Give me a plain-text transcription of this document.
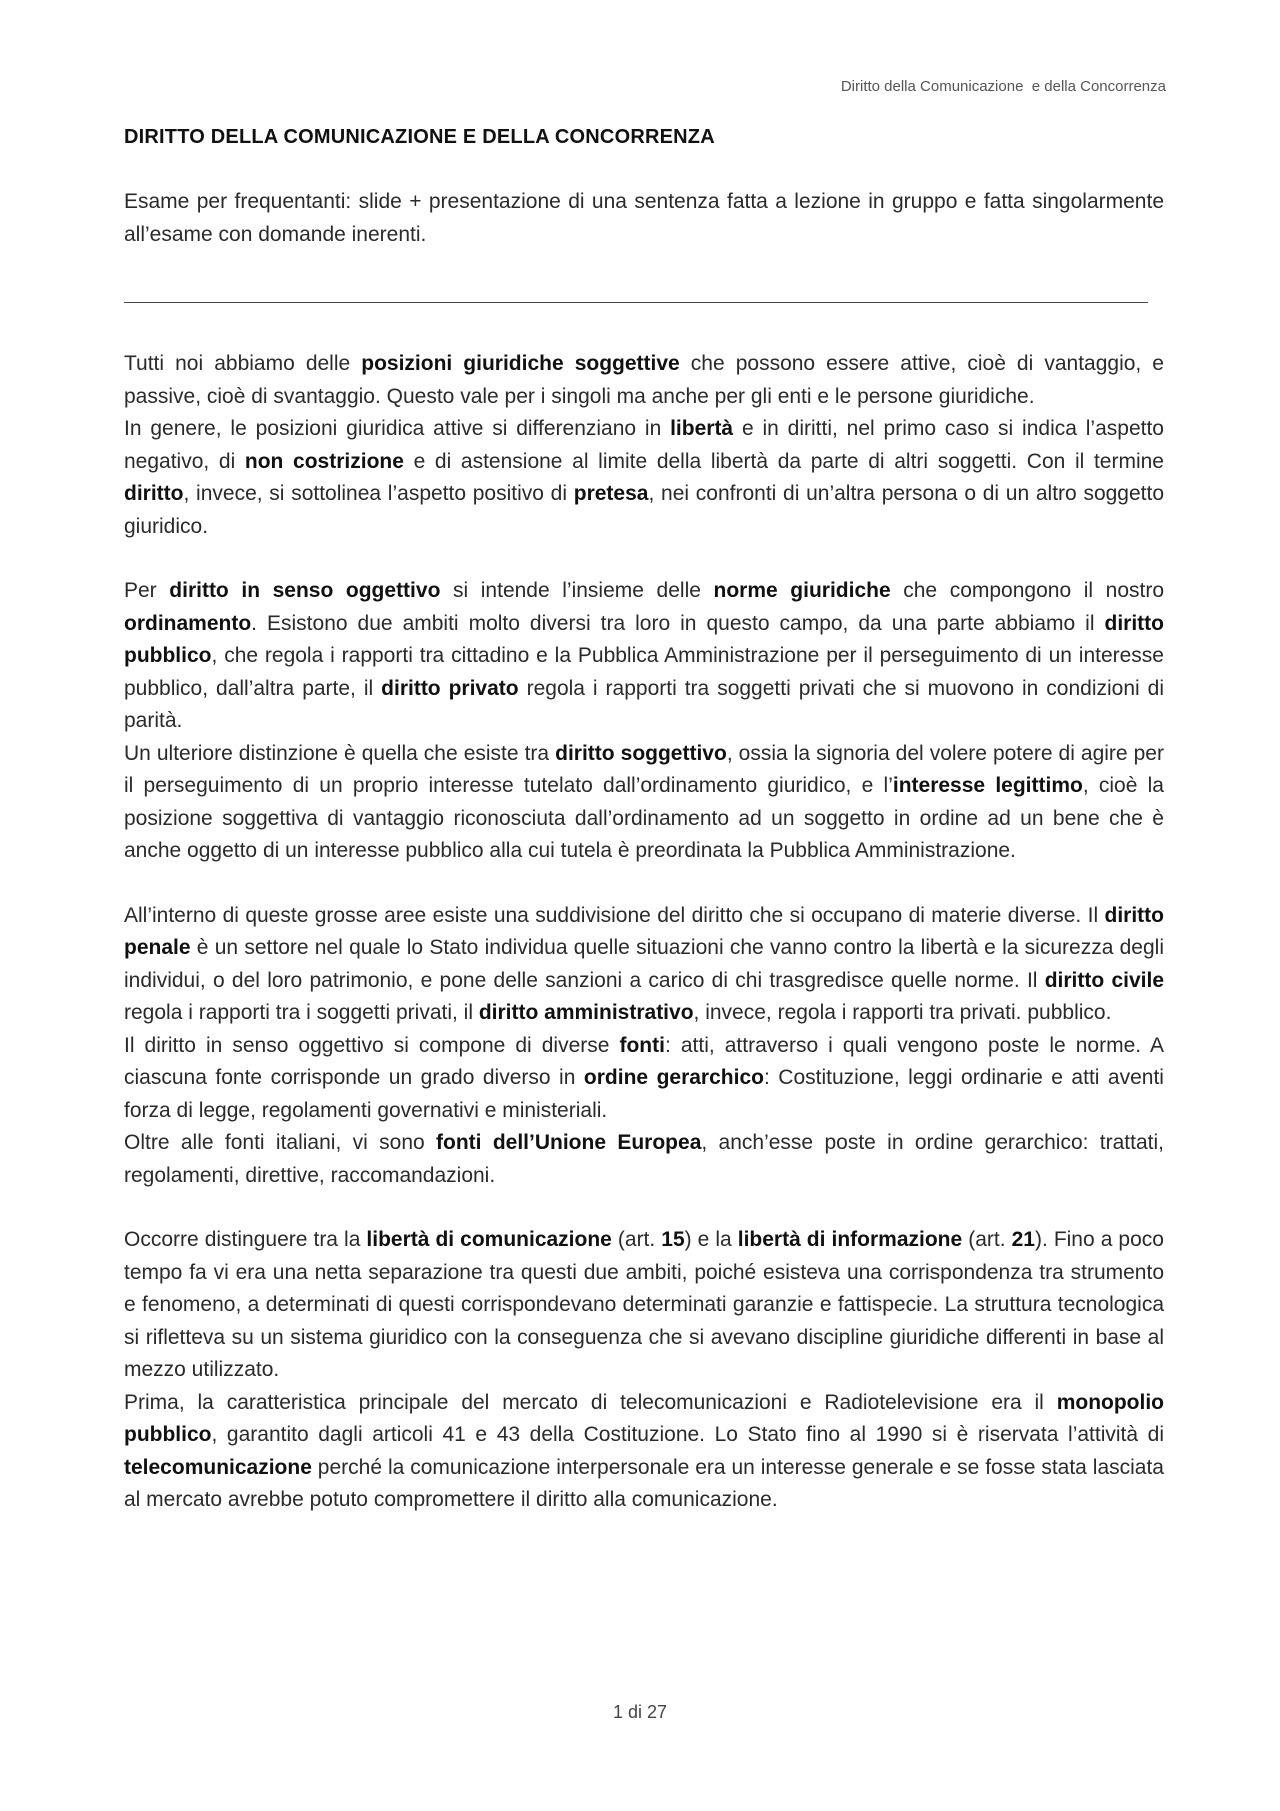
Diritto della Comunicazione  e della Concorrenza
DIRITTO DELLA COMUNICAZIONE E DELLA CONCORRENZA

Esame per frequentanti: slide + presentazione di una sentenza fatta a lezione in gruppo e fatta singolarmente all’esame con domande inerenti.

Tutti noi abbiamo delle posizioni giuridiche soggettive che possono essere attive, cioè di vantaggio, e passive, cioè di svantaggio. Questo vale per i singoli ma anche per gli enti e le persone giuridiche.

In genere, le posizioni giuridica attive si differenziano in libertà e in diritti, nel primo caso si indica l’aspetto negativo, di non costrizione e di astensione al limite della libertà da parte di altri soggetti. Con il termine diritto, invece, si sottolinea l’aspetto positivo di pretesa, nei confronti di un’altra persona o di un altro soggetto giuridico.

Per diritto in senso oggettivo si intende l’insieme delle norme giuridiche che compongono il nostro ordinamento. Esistono due ambiti molto diversi tra loro in questo campo, da una parte abbiamo il diritto pubblico, che regola i rapporti tra cittadino e la Pubblica Amministrazione per il perseguimento di un interesse pubblico, dall’altra parte, il diritto privato regola i rapporti tra soggetti privati che si muovono in condizioni di parità.

Un ulteriore distinzione è quella che esiste tra diritto soggettivo, ossia la signoria del volere potere di agire per il perseguimento di un proprio interesse tutelato dall’ordinamento giuridico, e l’interesse legittimo, cioè la posizione soggettiva di vantaggio riconosciuta dall’ordinamento ad un soggetto in ordine ad un bene che è anche oggetto di un interesse pubblico alla cui tutela è preordinata la Pubblica Amministrazione.

All’interno di queste grosse aree esiste una suddivisione del diritto che si occupano di materie diverse. Il diritto penale è un settore nel quale lo Stato individua quelle situazioni che vanno contro la libertà e la sicurezza degli individui, o del loro patrimonio, e pone delle sanzioni a carico di chi trasgredisce quelle norme. Il diritto civile regola i rapporti tra i soggetti privati, il diritto amministrativo, invece, regola i rapporti tra privati. pubblico.

Il diritto in senso oggettivo si compone di diverse fonti: atti, attraverso i quali vengono poste le norme. A ciascuna fonte corrisponde un grado diverso in ordine gerarchico: Costituzione, leggi ordinarie e atti aventi forza di legge, regolamenti governativi e ministeriali.

Oltre alle fonti italiani, vi sono fonti dell’Unione Europea, anch’esse poste in ordine gerarchico: trattati, regolamenti, direttive, raccomandazioni.

Occorre distinguere tra la libertà di comunicazione (art. 15) e la libertà di informazione (art. 21). Fino a poco tempo fa vi era una netta separazione tra questi due ambiti, poiché esisteva una corrispondenza tra strumento e fenomeno, a determinati di questi corrispondevano determinati garanzie e fattispecie. La struttura tecnologica si rifletteva su un sistema giuridico con la conseguenza che si avevano discipline giuridiche differenti in base al mezzo utilizzato.

Prima, la caratteristica principale del mercato di telecomunicazioni e Radiotelevisione era il monopolio pubblico, garantito dagli articoli 41 e 43 della Costituzione. Lo Stato fino al 1990 si è riservata l’attività di telecomunicazione perché la comunicazione interpersonale era un interesse generale e se fosse stata lasciata al mercato avrebbe potuto compromettere il diritto alla comunicazione.

1 di 27
